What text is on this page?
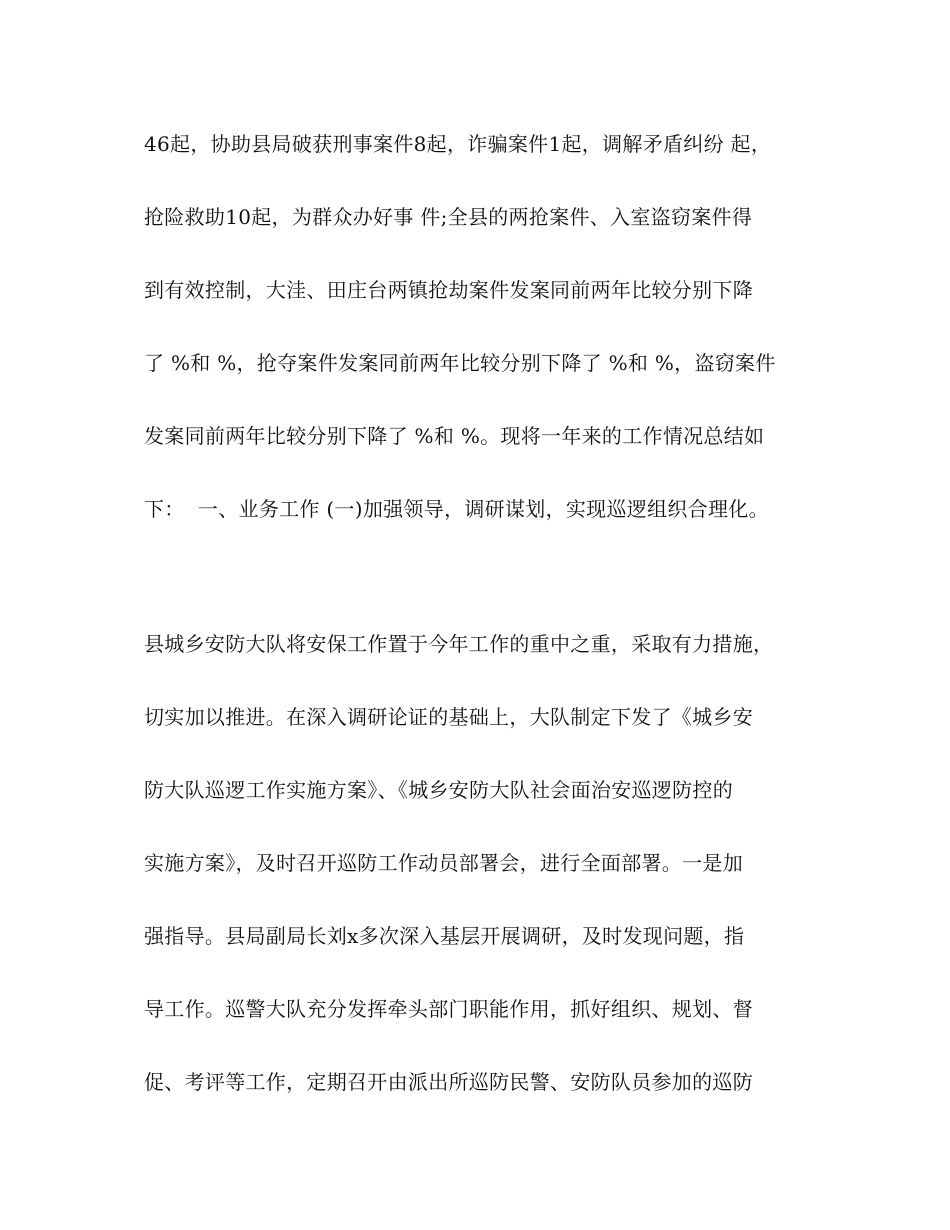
46起，协助县局破获刑事案件8起，诈骗案件1起，调解矛盾纠纷 起，
抢险救助10起，为群众办好事 件;全县的两抢案件、入室盗窃案件得
到有效控制，大洼、田庄台两镇抢劫案件发案同前两年比较分别下降
了 %和 %，抢夺案件发案同前两年比较分别下降了 %和 %，盗窃案件
发案同前两年比较分别下降了 %和 %。现将一年来的工作情况总结如
下：  一、业务工作 (一)加强领导，调研谋划，实现巡逻组织合理化。
县城乡安防大队将安保工作置于今年工作的重中之重，采取有力措施，
切实加以推进。在深入调研论证的基础上，大队制定下发了《城乡安
防大队巡逻工作实施方案》、《城乡安防大队社会面治安巡逻防控的
实施方案》，及时召开巡防工作动员部署会，进行全面部署。一是加
强指导。县局副局长刘x多次深入基层开展调研，及时发现问题，指
导工作。巡警大队充分发挥牵头部门职能作用，抓好组织、规划、督
促、考评等工作，定期召开由派出所巡防民警、安防队员参加的巡防
